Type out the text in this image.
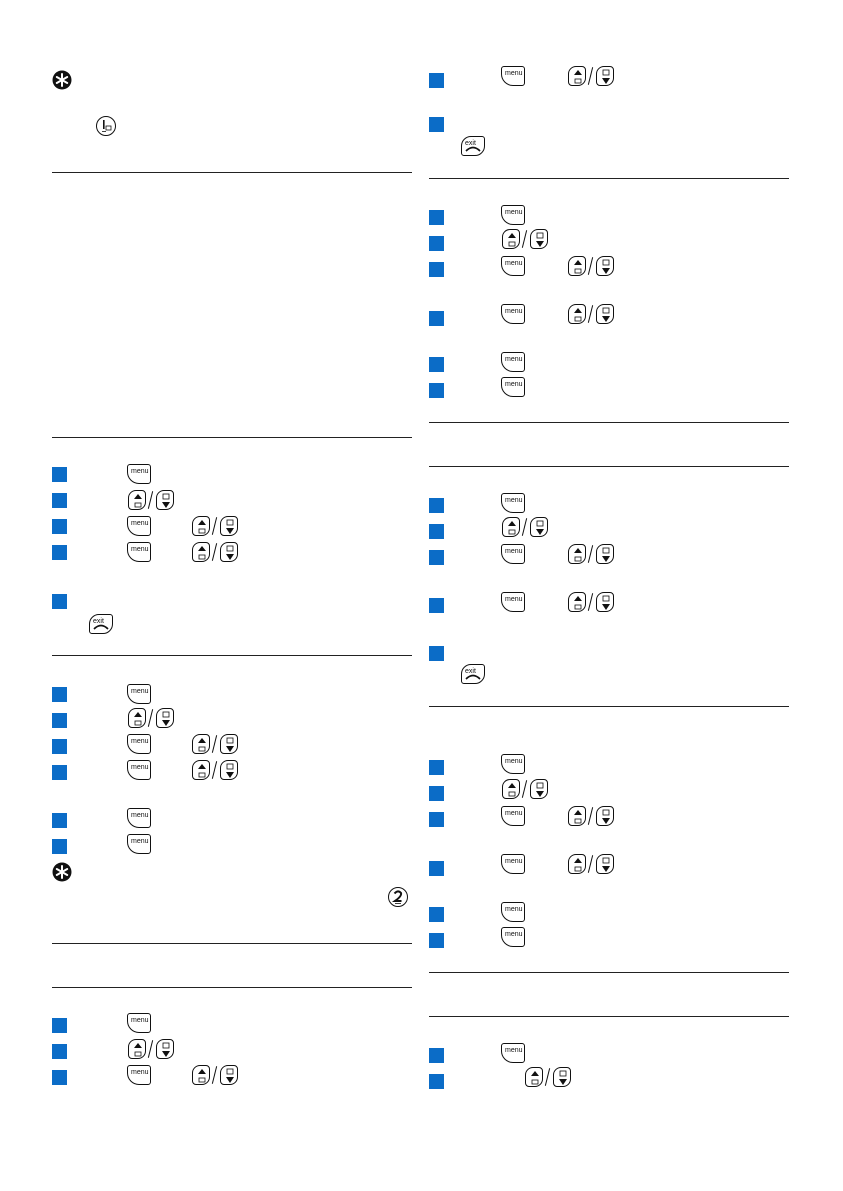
menu
menu
menu
exit
menu
menu
menu
menu
menu
menu
menu
menu
exit
menu
menu
menu
menu
menu
menu
menu
menu
exit
menu
menu
menu
menu
menu
menu
